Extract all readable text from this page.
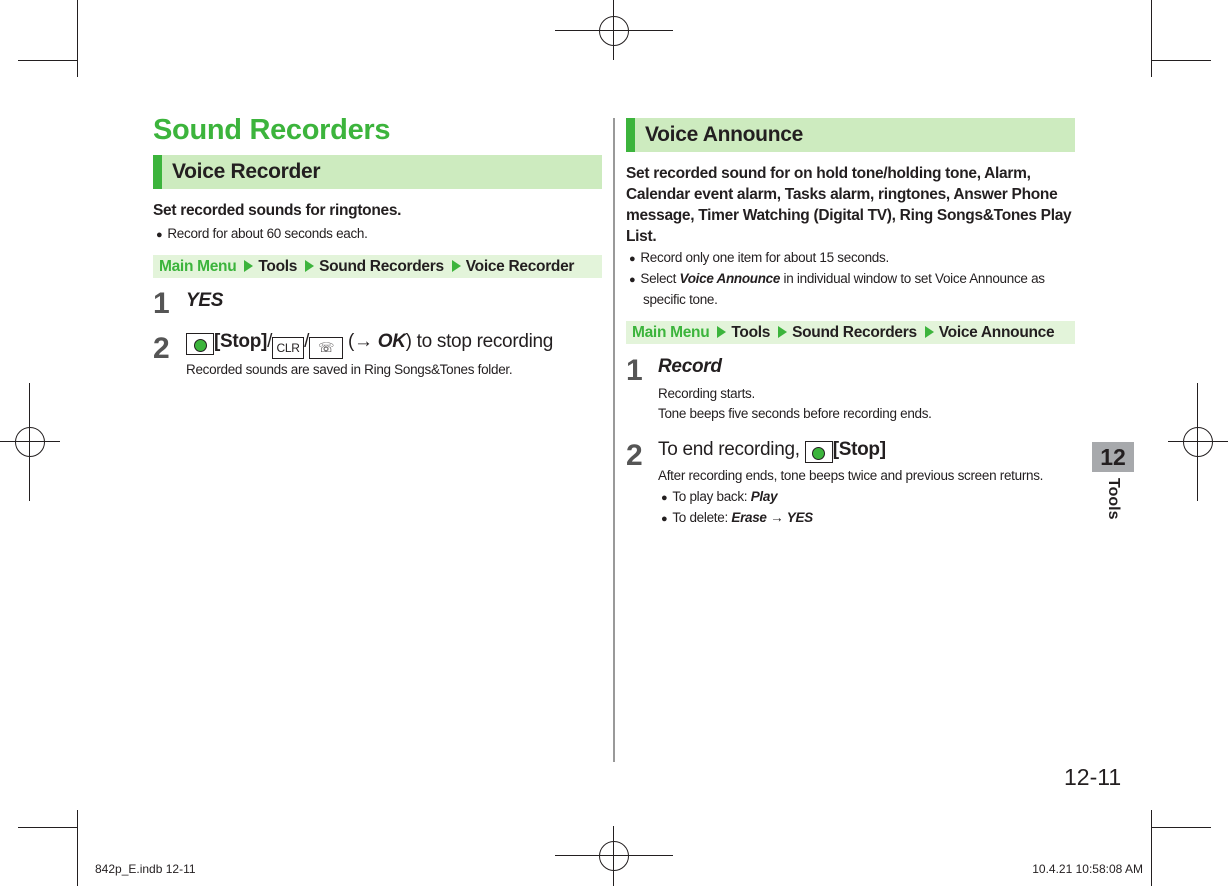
Sound Recorders
Voice Recorder
Set recorded sounds for ringtones.
● Record for about 60 seconds each.
Main Menu Tools Sound Recorders Voice Recorder
1 YES
2	[Stop]/ CLR / ☏ (→ OK) to stop recording
Recorded sounds are saved in Ring Songs&Tones folder.
Voice Announce
Set recorded sound for on hold tone/holding tone, Alarm, Calendar event alarm, Tasks alarm, ringtones, Answer Phone message, Timer Watching (Digital TV), Ring Songs&Tones Play List.
● Record only one item for about 15 seconds.
● Select Voice Announce in individual window to set Voice Announce as specific tone.
Main Menu Tools Sound Recorders Voice Announce
1 Record
Recording starts.
Tone beeps five seconds before recording ends.
2 To end recording, [Stop]
After recording ends, tone beeps twice and previous screen returns.
● To play back: Play
● To delete: Erase → YES
12
Tools
12-11
842p_E.indb 12-11	10.4.21 10:58:08 AM
